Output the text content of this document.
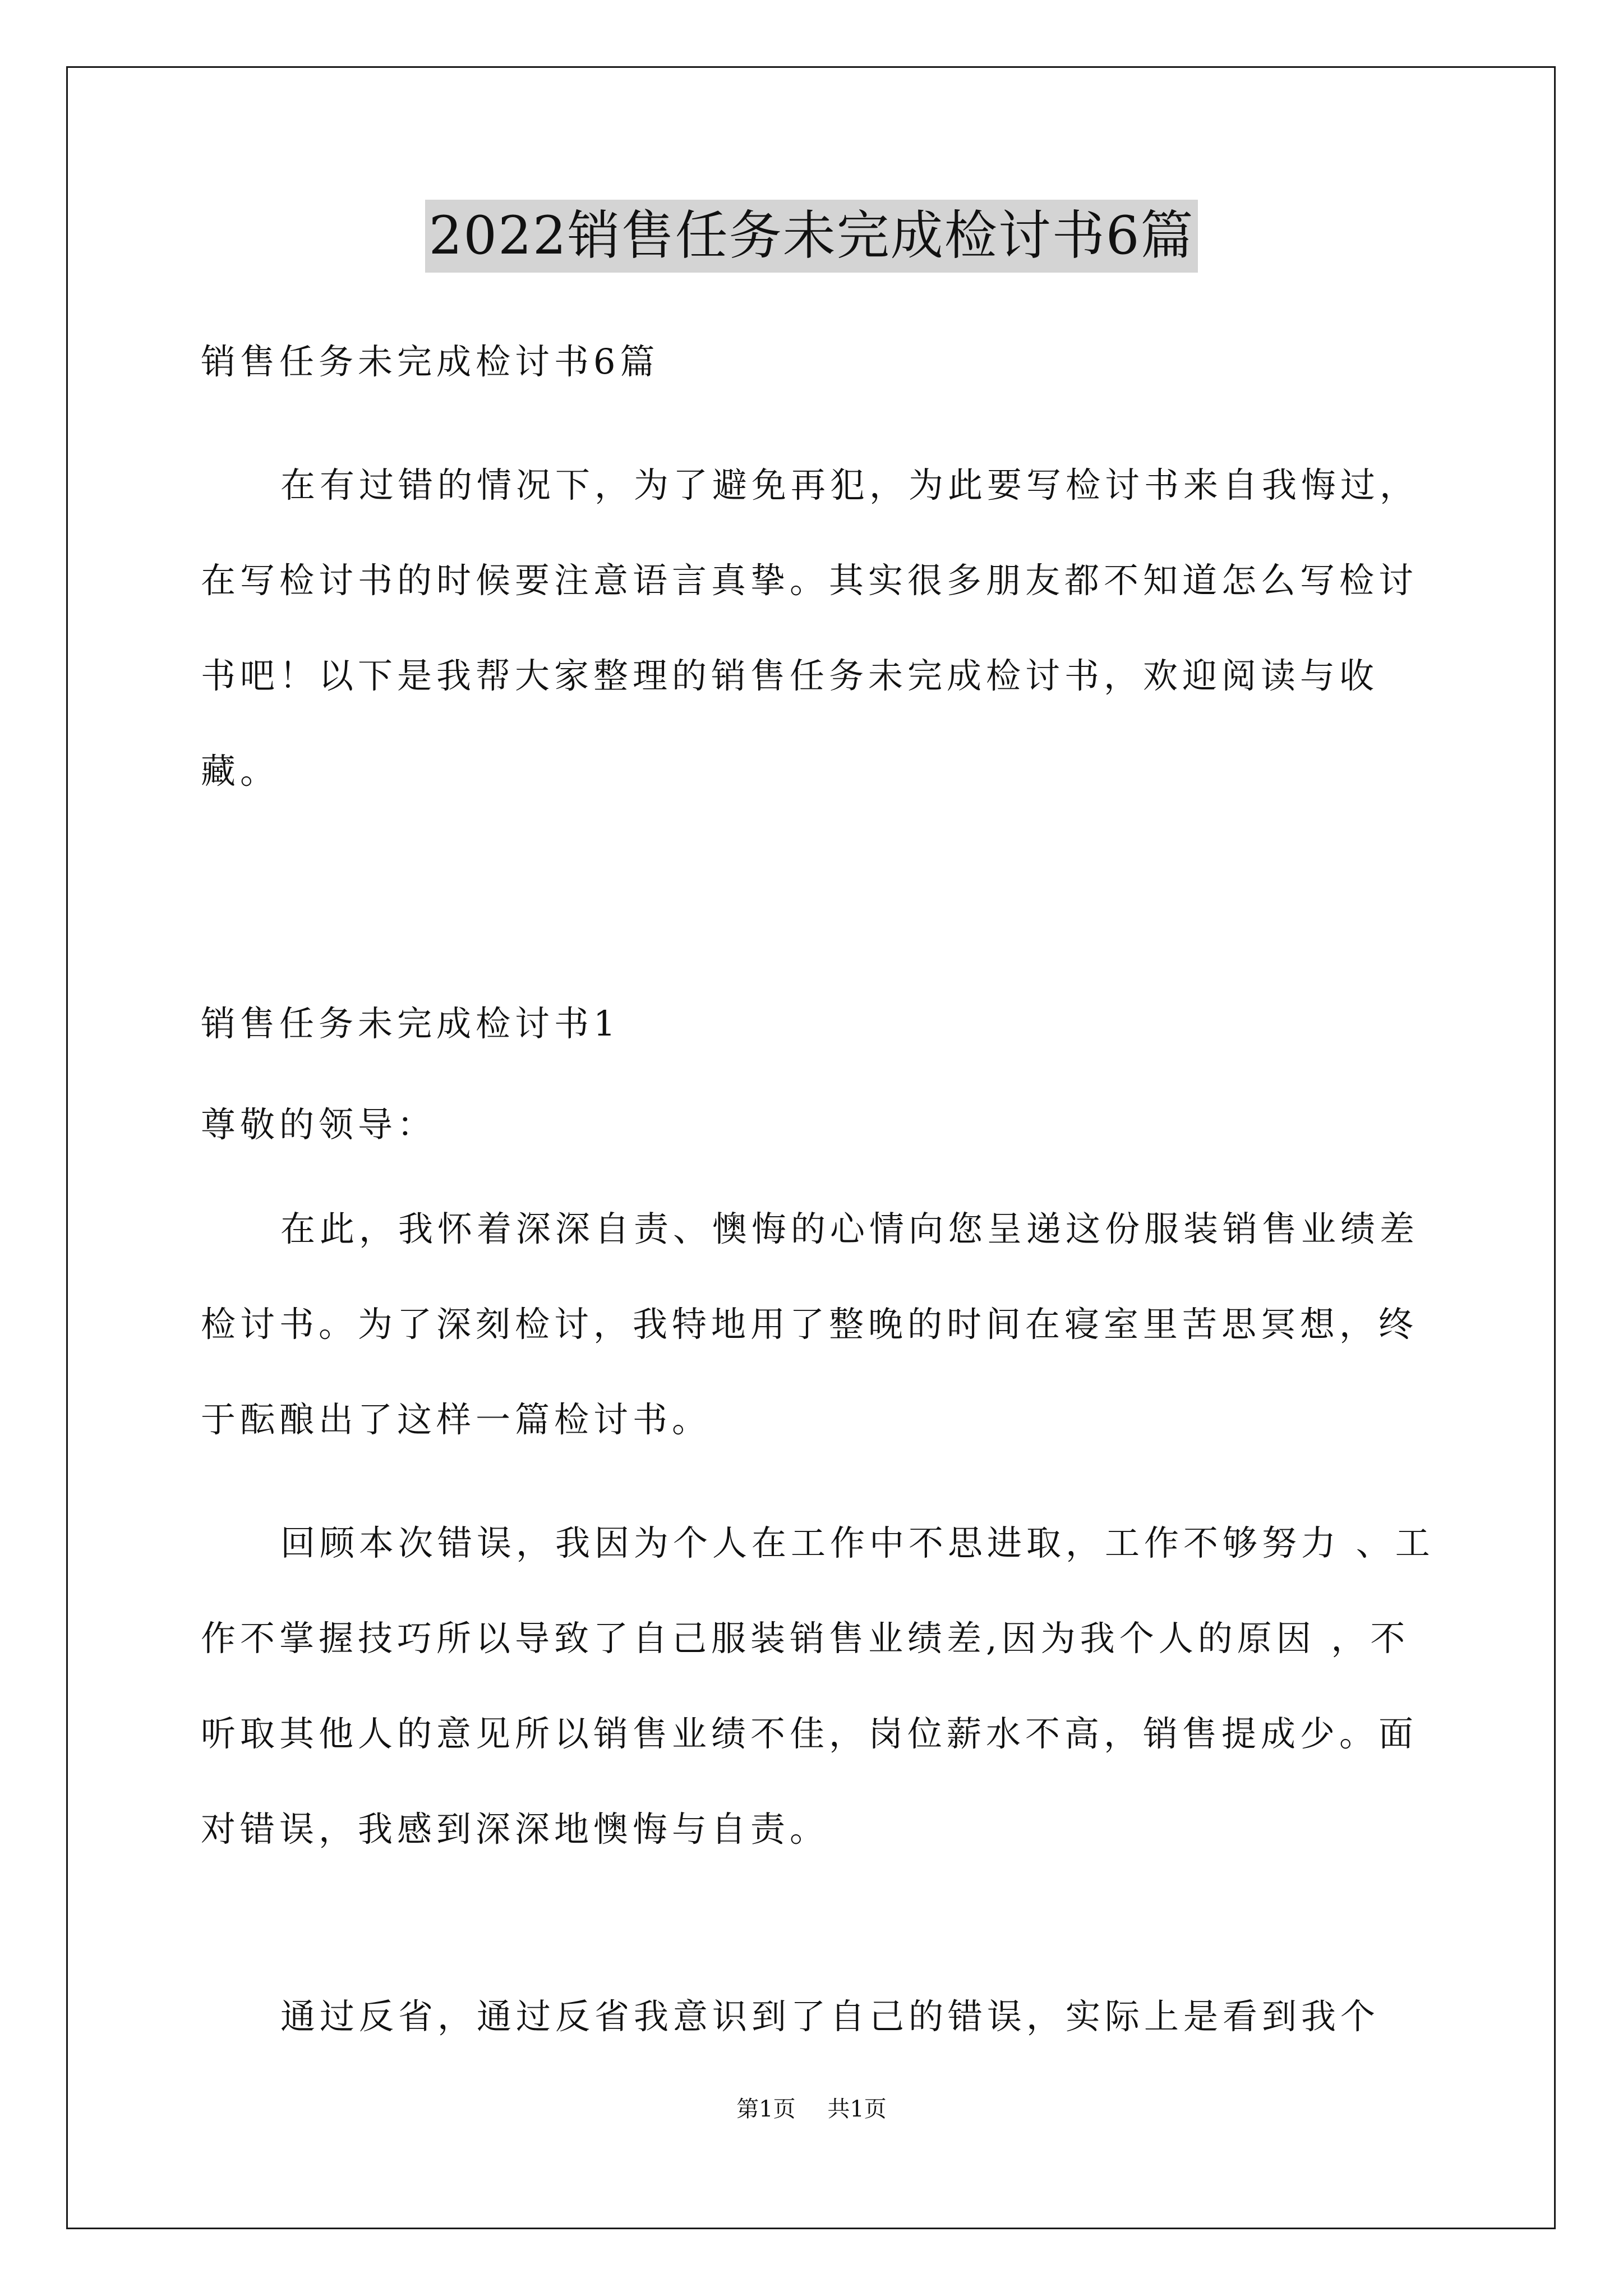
2022销售任务未完成检讨书6篇

销售任务未完成检讨书6篇

在有过错的情况下，为了避免再犯，为此要写检讨书来自我悔过，在写检讨书的时候要注意语言真挚。其实很多朋友都不知道怎么写检讨书吧！以下是我帮大家整理的销售任务未完成检讨书，欢迎阅读与收藏。

销售任务未完成检讨书1

尊敬的领导：

在此，我怀着深深自责、懊悔的心情向您呈递这份服装销售业绩差检讨书。为了深刻检讨，我特地用了整晚的时间在寝室里苦思冥想，终于酝酿出了这样一篇检讨书。

回顾本次错误，我因为个人在工作中不思进取，工作不够努力 、工作不掌握技巧所以导致了自己服装销售业绩差,因为我个人的原因 ，不听取其他人的意见所以销售业绩不佳，岗位薪水不高，销售提成少。面对错误，我感到深深地懊悔与自责。

通过反省，通过反省我意识到了自己的错误，实际上是看到我个

第1页 共1页
